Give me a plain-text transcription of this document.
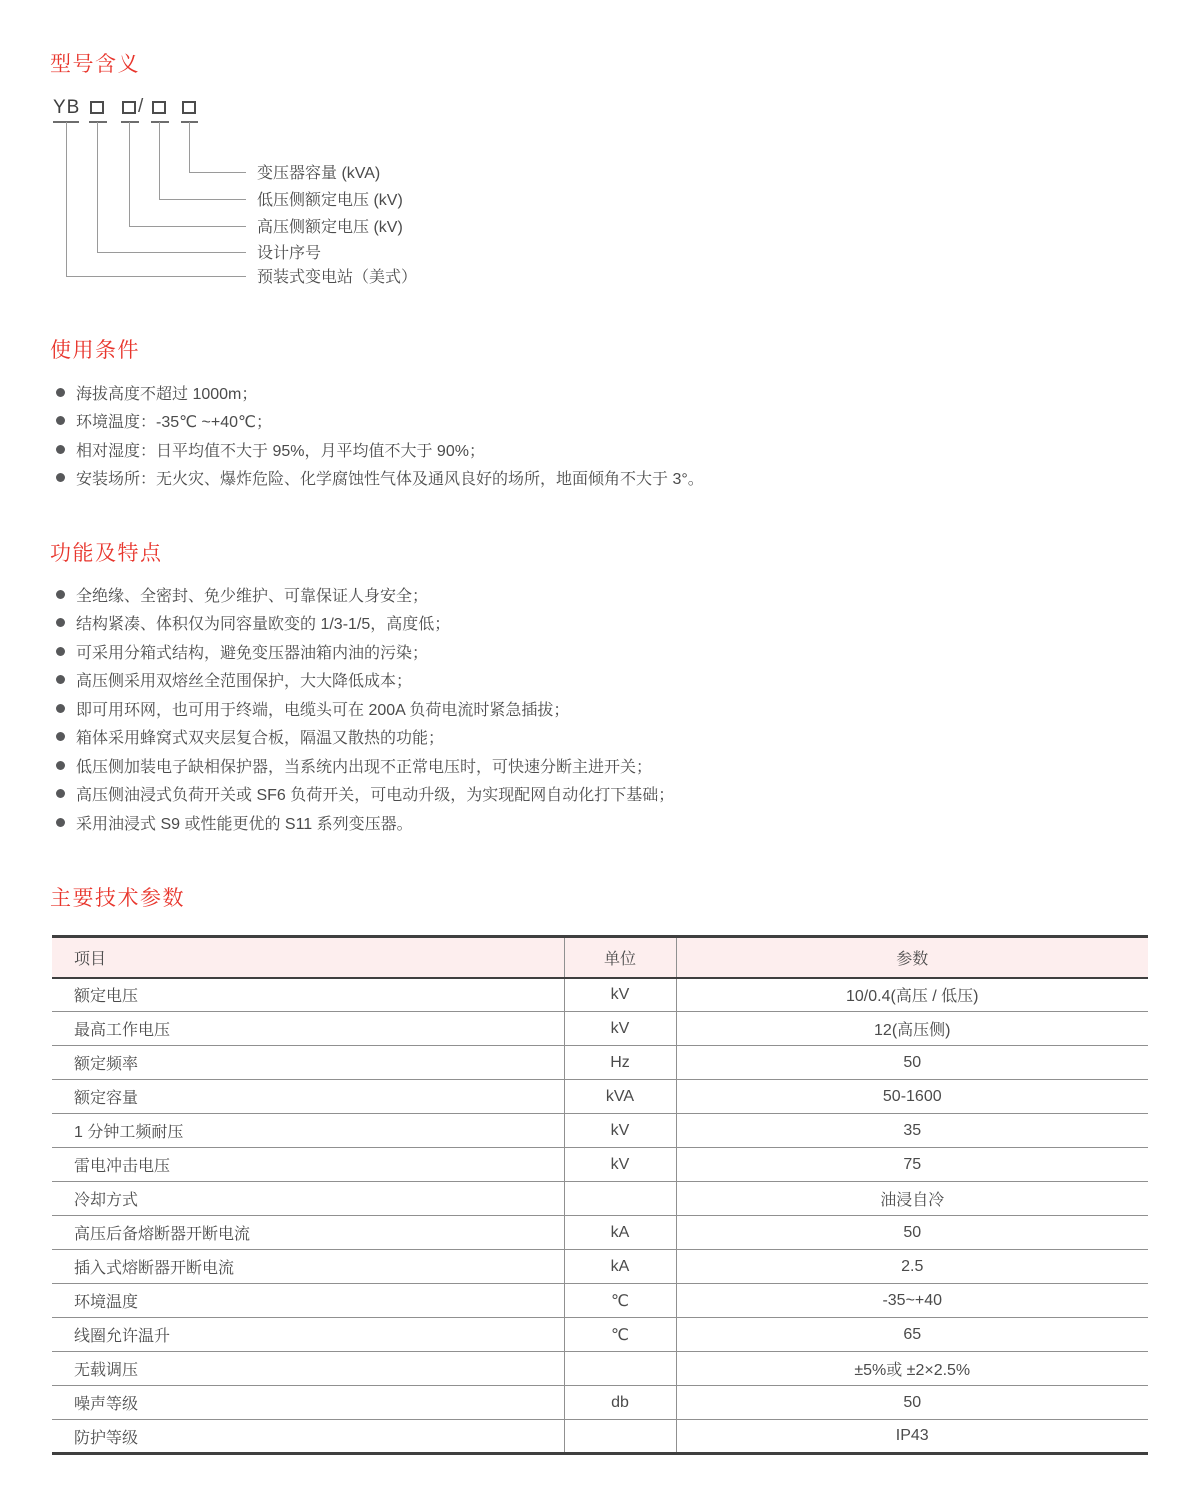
型号含义
YB	/
变压器容量 (kVA)
低压侧额定电压 (kV)
高压侧额定电压 (kV)
设计序号
预装式变电站（美式）
使用条件
海拔高度不超过 1000m；
环境温度：-35℃ ~+40℃；
相对湿度：日平均值不大于 95%，月平均值不大于 90%；
安装场所：无火灾、爆炸危险、化学腐蚀性气体及通风良好的场所，地面倾角不大于 3°。
功能及特点
全绝缘、全密封、免少维护、可靠保证人身安全；
结构紧凑、体积仅为同容量欧变的 1/3-1/5，高度低；
可采用分箱式结构，避免变压器油箱内油的污染；
高压侧采用双熔丝全范围保护，大大降低成本；
即可用环网，也可用于终端，电缆头可在 200A 负荷电流时紧急插拔；
箱体采用蜂窝式双夹层复合板，隔温又散热的功能；
低压侧加装电子缺相保护器，当系统内出现不正常电压时，可快速分断主进开关；
高压侧油浸式负荷开关或 SF6 负荷开关，可电动升级，为实现配网自动化打下基础；
采用油浸式 S9 或性能更优的 S11 系列变压器。
主要技术参数
项目	单位	参数
额定电压	kV	10/0.4(高压 / 低压)
最高工作电压	kV	12(高压侧)
额定频率	Hz	50
额定容量	kVA	50-1600
1 分钟工频耐压	kV	35
雷电冲击电压	kV	75
冷却方式		油浸自冷
高压后备熔断器开断电流	kA	50
插入式熔断器开断电流	kA	2.5
环境温度	℃	-35~+40
线圈允许温升	℃	65
无载调压		±5%或 ±2×2.5%
噪声等级	db	50
防护等级		IP43
